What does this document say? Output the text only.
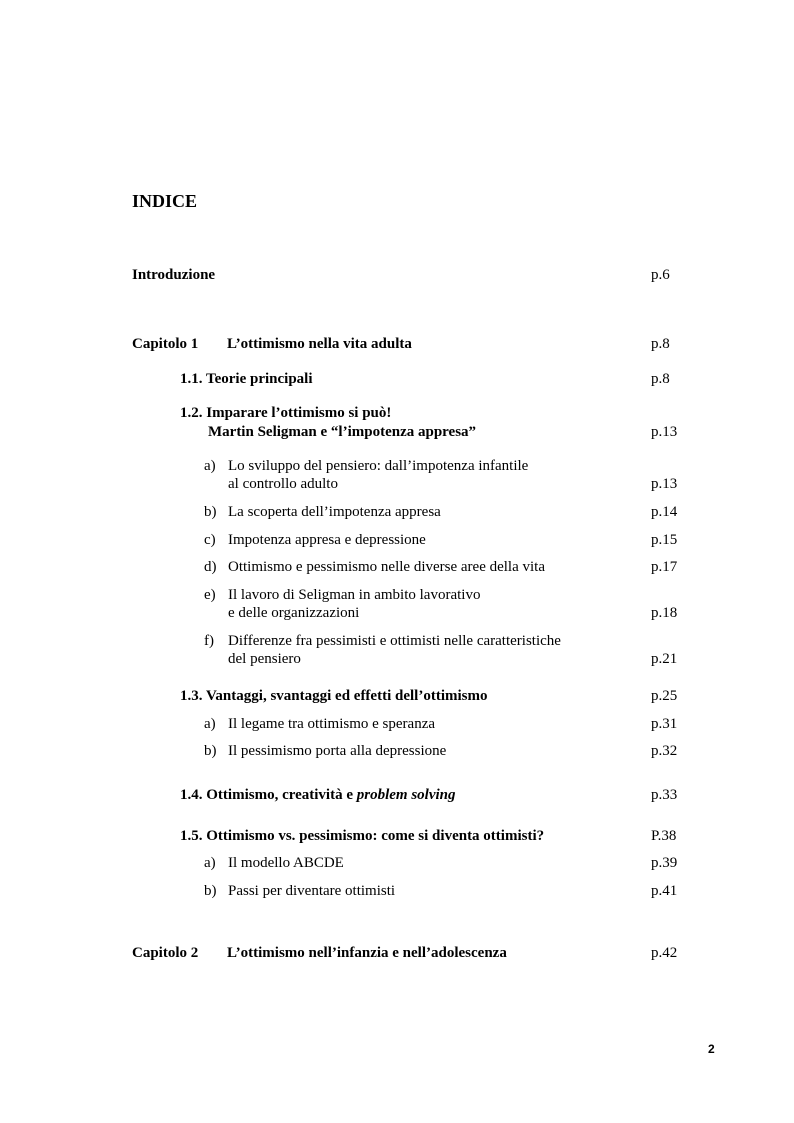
INDICE
Introduzione	p.6
Capitolo 1 L’ottimismo nella vita adulta	p.8
1.1. Teorie principali	p.8
1.2. Imparare l’ottimismo si può!
Martin Seligman e “l’impotenza appresa”	p.13
a) Lo sviluppo del pensiero: dall’impotenza infantile
al controllo adulto	p.13
b) La scoperta dell’impotenza appresa	p.14
c) Impotenza appresa e depressione	p.15
d) Ottimismo e pessimismo nelle diverse aree della vita	p.17
e) Il lavoro di Seligman in ambito lavorativo
e delle organizzazioni	p.18
f) Differenze fra pessimisti e ottimisti nelle caratteristiche
del pensiero	p.21
1.3. Vantaggi, svantaggi ed effetti dell’ottimismo	p.25
a) Il legame tra ottimismo e speranza	p.31
b) Il pessimismo porta alla depressione	p.32
1.4. Ottimismo, creatività e problem solving	p.33
1.5. Ottimismo vs. pessimismo: come si diventa ottimisti?	P.38
a) Il modello ABCDE	p.39
b) Passi per diventare ottimisti	p.41
Capitolo 2 L’ottimismo nell’infanzia e nell’adolescenza	p.42
2
